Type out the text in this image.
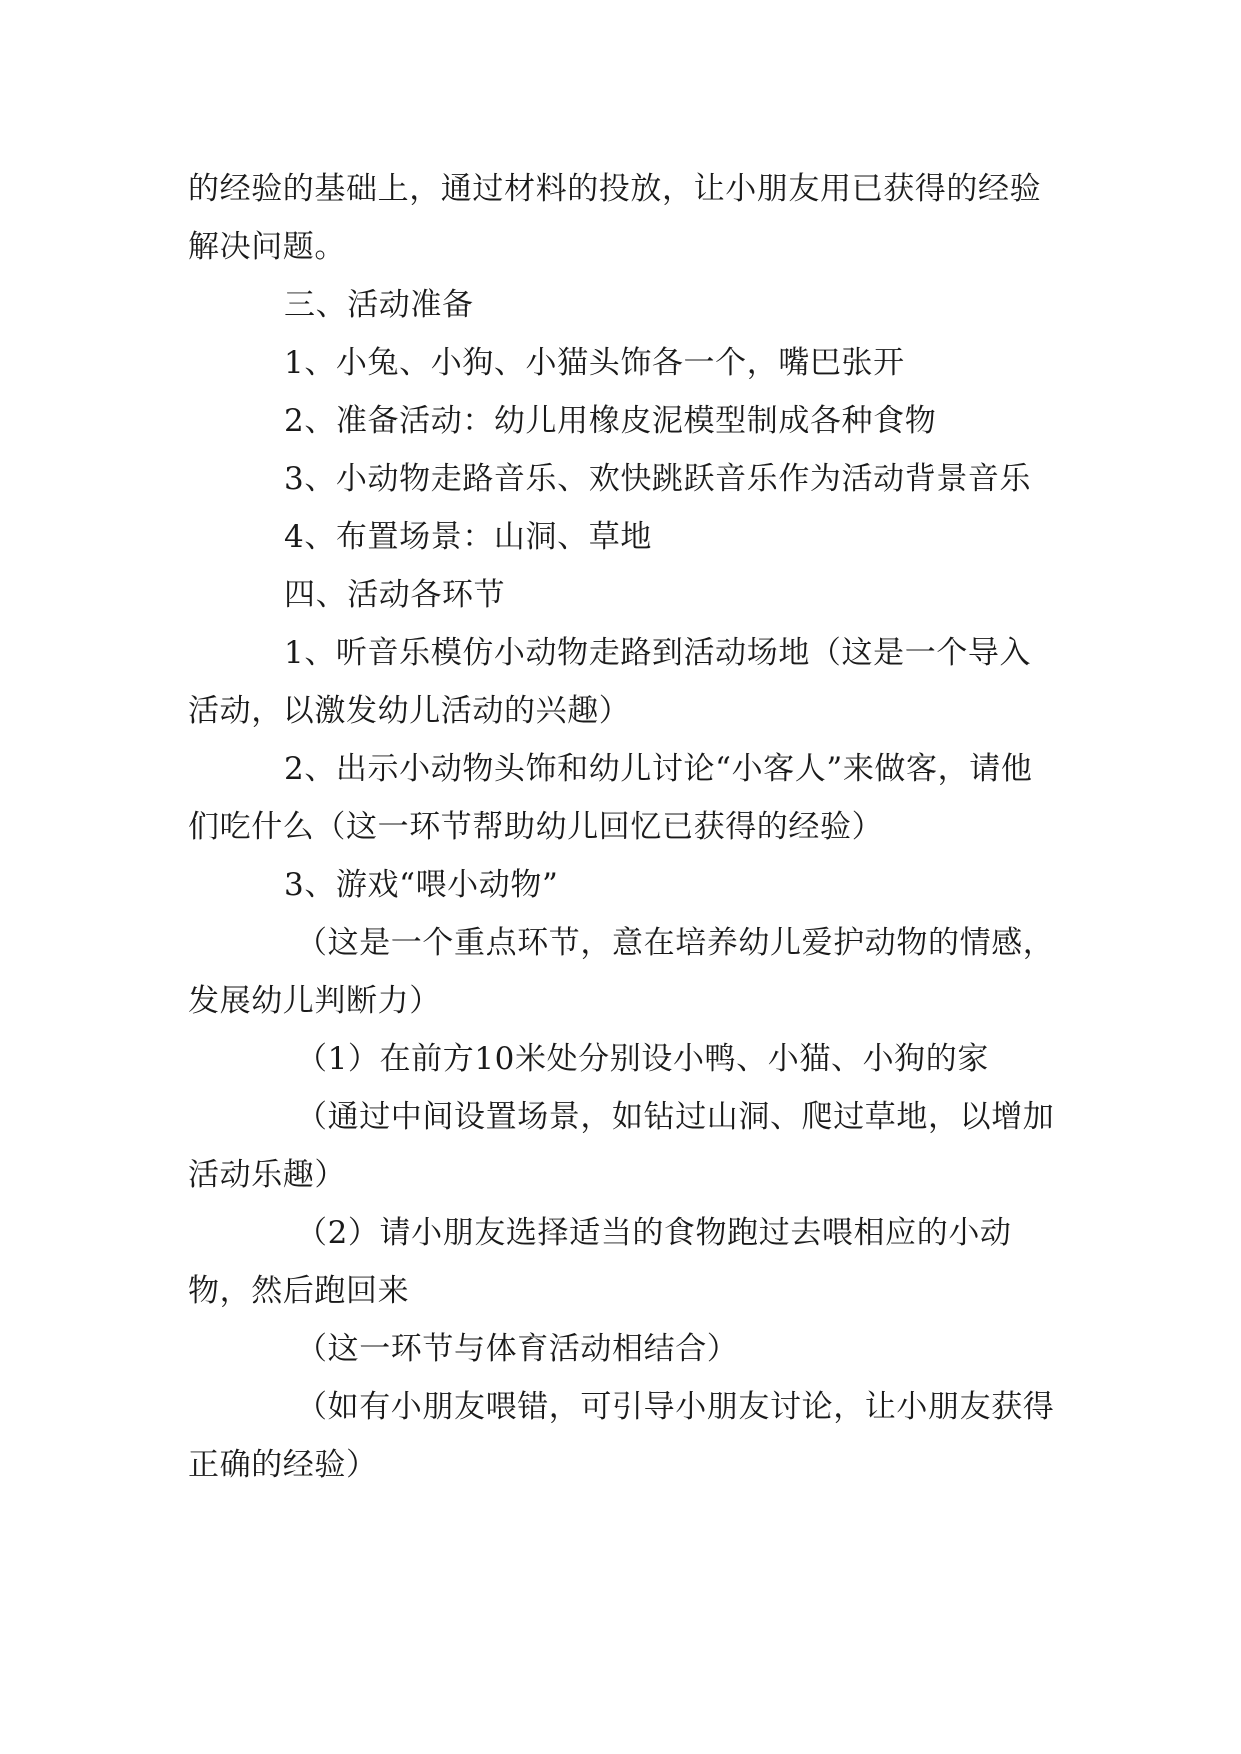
的经验的基础上，通过材料的投放，让小朋友用已获得的经验解决问题。

三、活动准备

1、小兔、小狗、小猫头饰各一个，嘴巴张开

2、准备活动：幼儿用橡皮泥模型制成各种食物

3、小动物走路音乐、欢快跳跃音乐作为活动背景音乐

4、布置场景：山洞、草地

四、活动各环节

1、听音乐模仿小动物走路到活动场地（这是一个导入活动，以激发幼儿活动的兴趣）

2、出示小动物头饰和幼儿讨论“小客人”来做客，请他们吃什么（这一环节帮助幼儿回忆已获得的经验）

3、游戏“喂小动物”

（这是一个重点环节，意在培养幼儿爱护动物的情感，发展幼儿判断力）

（1）在前方10米处分别设小鸭、小猫、小狗的家

（通过中间设置场景，如钻过山洞、爬过草地，以增加活动乐趣）

（2）请小朋友选择适当的食物跑过去喂相应的小动物，然后跑回来

（这一环节与体育活动相结合）

（如有小朋友喂错，可引导小朋友讨论，让小朋友获得正确的经验）
